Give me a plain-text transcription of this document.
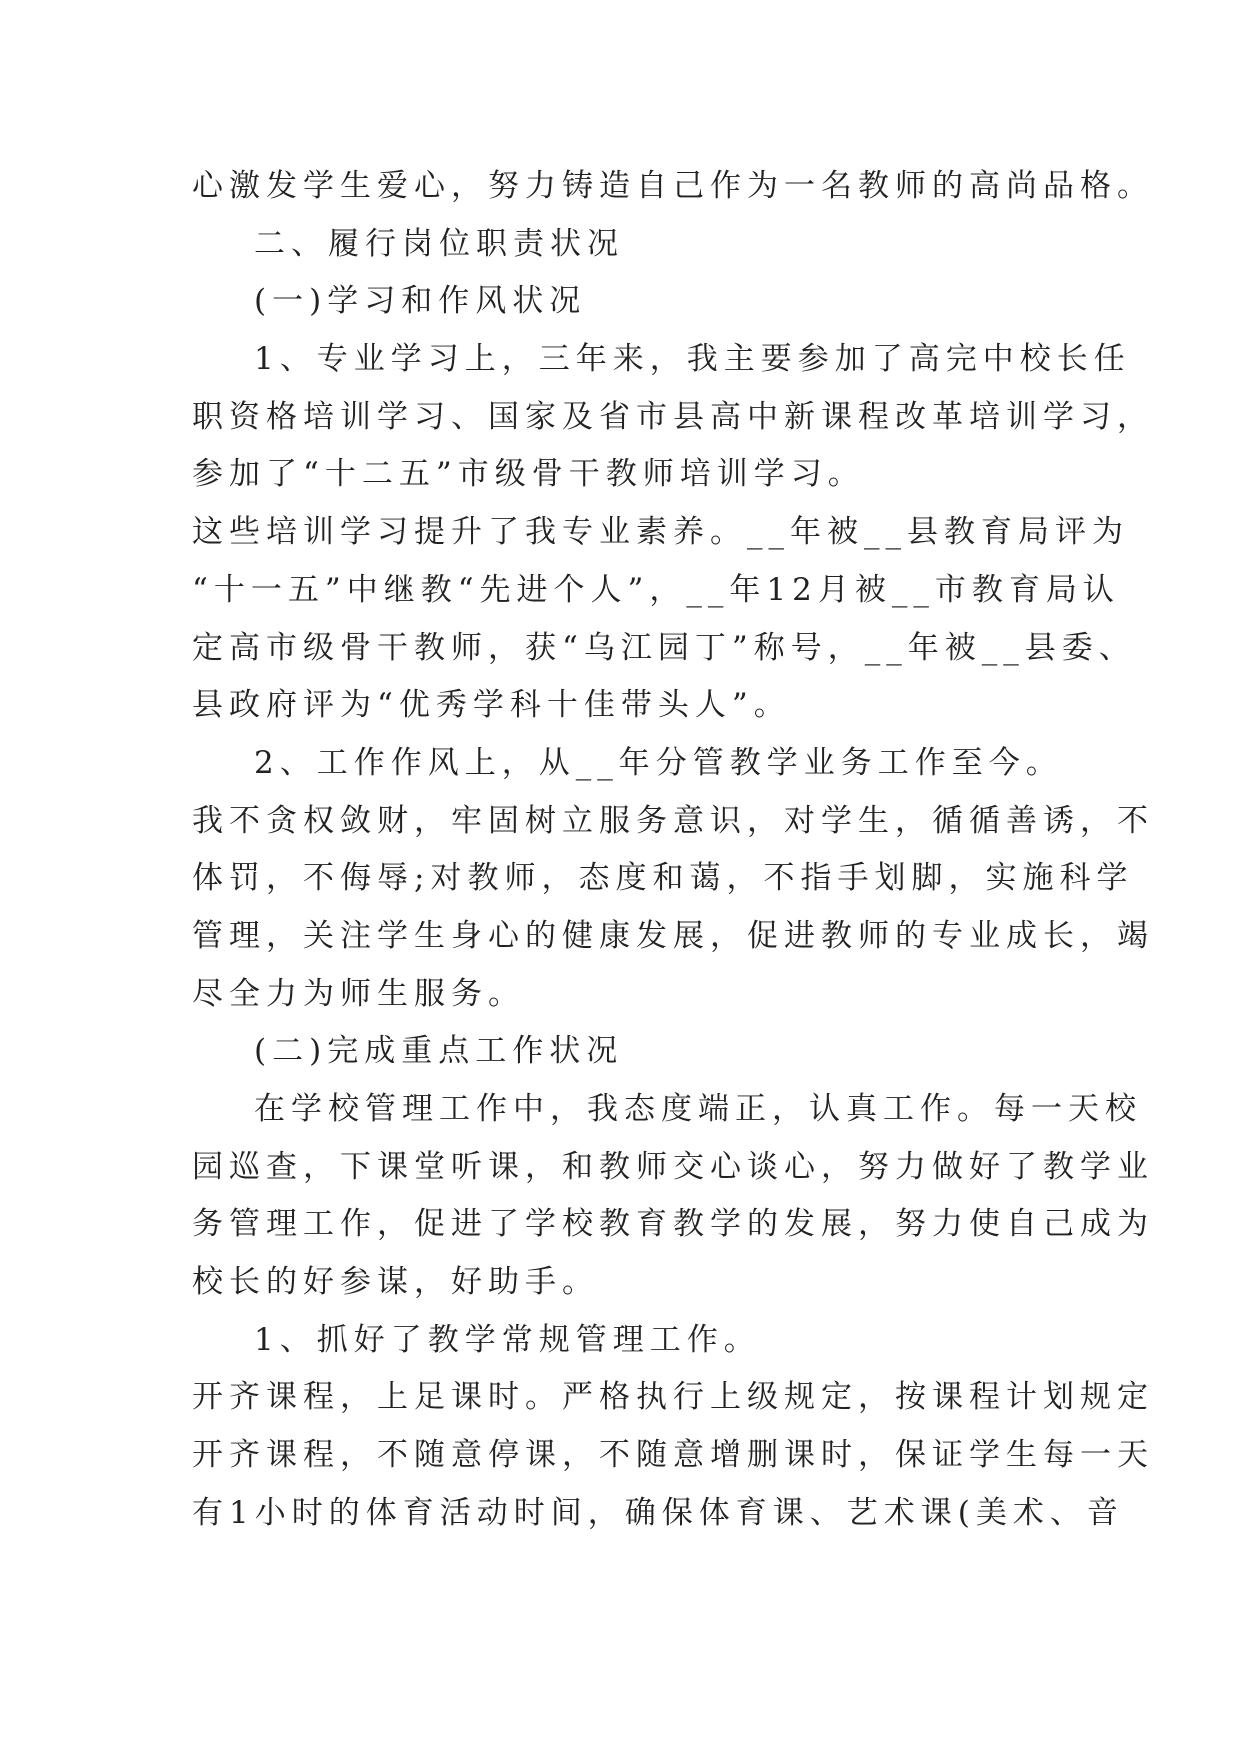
心激发学生爱心，努力铸造自己作为一名教师的高尚品格。
二、履行岗位职责状况
(一)学习和作风状况
1、专业学习上，三年来，我主要参加了高完中校长任
职资格培训学习、国家及省市县高中新课程改革培训学习，
参加了“十二五”市级骨干教师培训学习。
这些培训学习提升了我专业素养。__年被__县教育局评为
“十一五”中继教“先进个人”，__年12月被__市教育局认
定高市级骨干教师，获“乌江园丁”称号，__年被__县委、
县政府评为“优秀学科十佳带头人”。
2、工作作风上，从__年分管教学业务工作至今。
我不贪权敛财，牢固树立服务意识，对学生，循循善诱，不
体罚，不侮辱;对教师，态度和蔼，不指手划脚，实施科学
管理，关注学生身心的健康发展，促进教师的专业成长，竭
尽全力为师生服务。
(二)完成重点工作状况
在学校管理工作中，我态度端正，认真工作。每一天校
园巡查，下课堂听课，和教师交心谈心，努力做好了教学业
务管理工作，促进了学校教育教学的发展，努力使自己成为
校长的好参谋，好助手。
1、抓好了教学常规管理工作。
开齐课程，上足课时。严格执行上级规定，按课程计划规定
开齐课程，不随意停课，不随意增删课时，保证学生每一天
有1小时的体育活动时间，确保体育课、艺术课(美术、音
